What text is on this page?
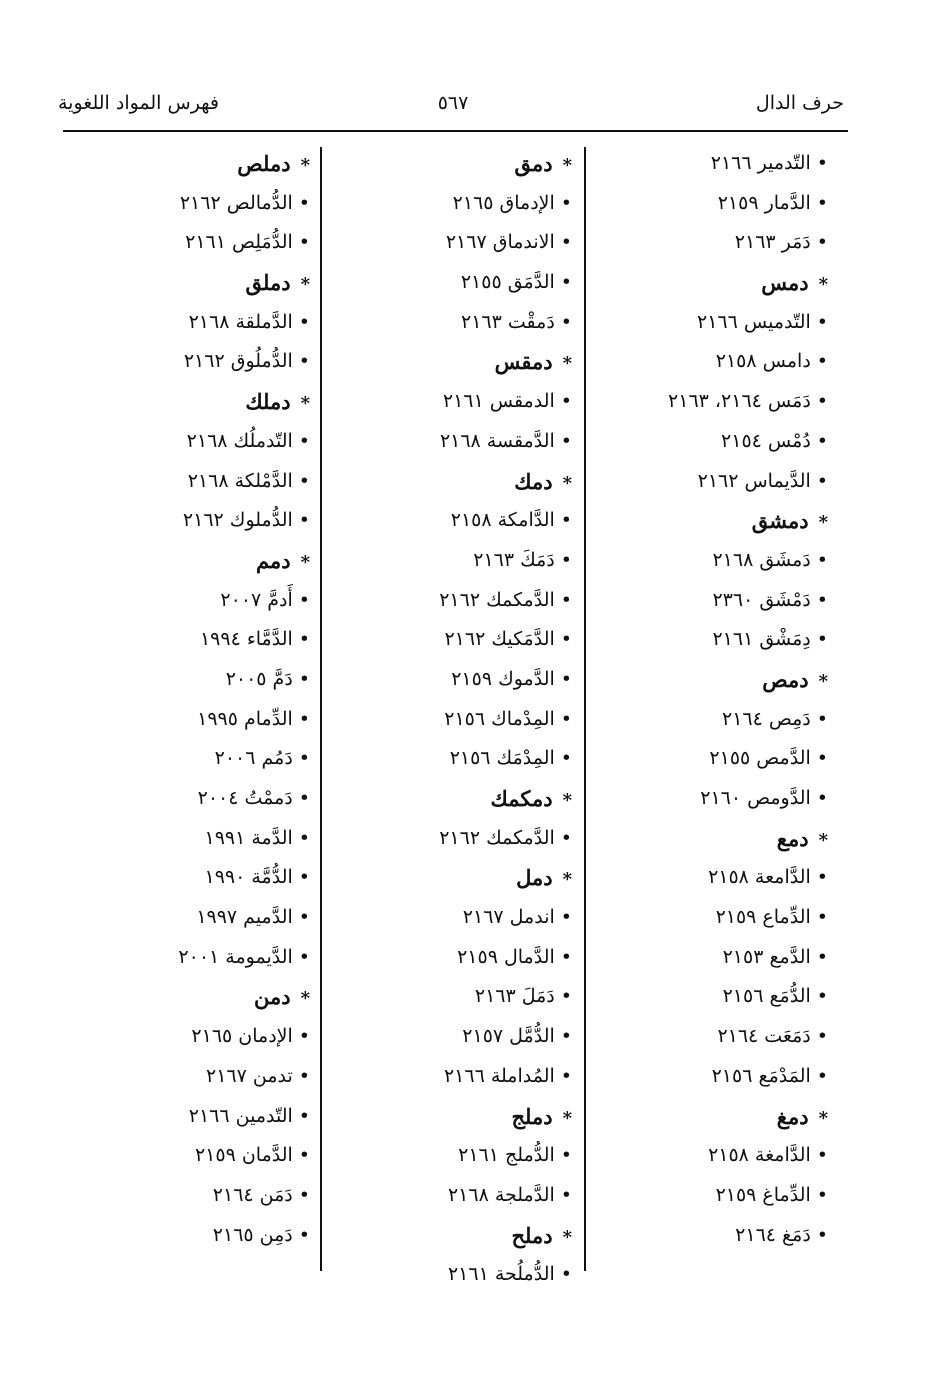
حرف الدال
٥٦٧
فهرس المواد اللغوية
•التّدمير ٢١٦٦
•الدَّمار ٢١٥٩
•دَمَر ٢١٦٣
*دمس
•التّدميس ٢١٦٦
•دامس ٢١٥٨
•دَمَس ٢١٦٤، ٢١٦٣
•دُمْس ٢١٥٤
•الدَّيماس ٢١٦٢
*دمشق
•دَمشَق ٢١٦٨
•دَمْشَق ٢٣٦٠
•دِمَشْق ٢١٦١
*دمص
•دَمِص ٢١٦٤
•الدَّمص ٢١٥٥
•الدَّومص ٢١٦٠
*دمع
•الدَّامعة ٢١٥٨
•الدِّماع ٢١٥٩
•الدَّمع ٢١٥٣
•الدُّمَع ٢١٥٦
•دَمَعَت ٢١٦٤
•المَدْمَع ٢١٥٦
*دمغ
•الدَّامغة ٢١٥٨
•الدِّماغ ٢١٥٩
•دَمَغ ٢١٦٤
*دمق
•الإدماق ٢١٦٥
•الاندماق ٢١٦٧
•الدَّمَق ٢١٥٥
•دَمقْت ٢١٦٣
*دمقس
•الدمقس ٢١٦١
•الدَّمقسة ٢١٦٨
*دمك
•الدَّامكة ٢١٥٨
•دَمَكَ ٢١٦٣
•الدَّمكمك ٢١٦٢
•الدَّمَكيك ٢١٦٢
•الدَّموك ٢١٥٩
•المِدْماك ٢١٥٦
•المِدْمَك ٢١٥٦
*دمكمك
•الدَّمكمك ٢١٦٢
*دمل
•اندمل ٢١٦٧
•الدَّمال ٢١٥٩
•دَمَلَ ٢١٦٣
•الدُّمَّل ٢١٥٧
•المُداملة ٢١٦٦
*دملج
•الدُّملج ٢١٦١
•الدَّملجة ٢١٦٨
*دملح
•الدُّملُحة ٢١٦١
*دملص
•الدُّمالص ٢١٦٢
•الدُّمَلِص ٢١٦١
*دملق
•الدَّملقة ٢١٦٨
•الدُّملُوق ٢١٦٢
*دملك
•التّدملُك ٢١٦٨
•الدَّمْلكة ٢١٦٨
•الدُّملوك ٢١٦٢
*دمم
•أَدمَّ ٢٠٠٧
•الدَّمَّاء ١٩٩٤
•دَمَّ ٢٠٠٥
•الدِّمام ١٩٩٥
•دَمُم ٢٠٠٦
•دَممْتُ ٢٠٠٤
•الدَّمة ١٩٩١
•الدُّمَّة ١٩٩٠
•الدَّميم ١٩٩٧
•الدَّيمومة ٢٠٠١
*دمن
•الإدمان ٢١٦٥
•تدمن ٢١٦٧
•التّدمين ٢١٦٦
•الدَّمان ٢١٥٩
•دَمَن ٢١٦٤
•دَمِن ٢١٦٥
